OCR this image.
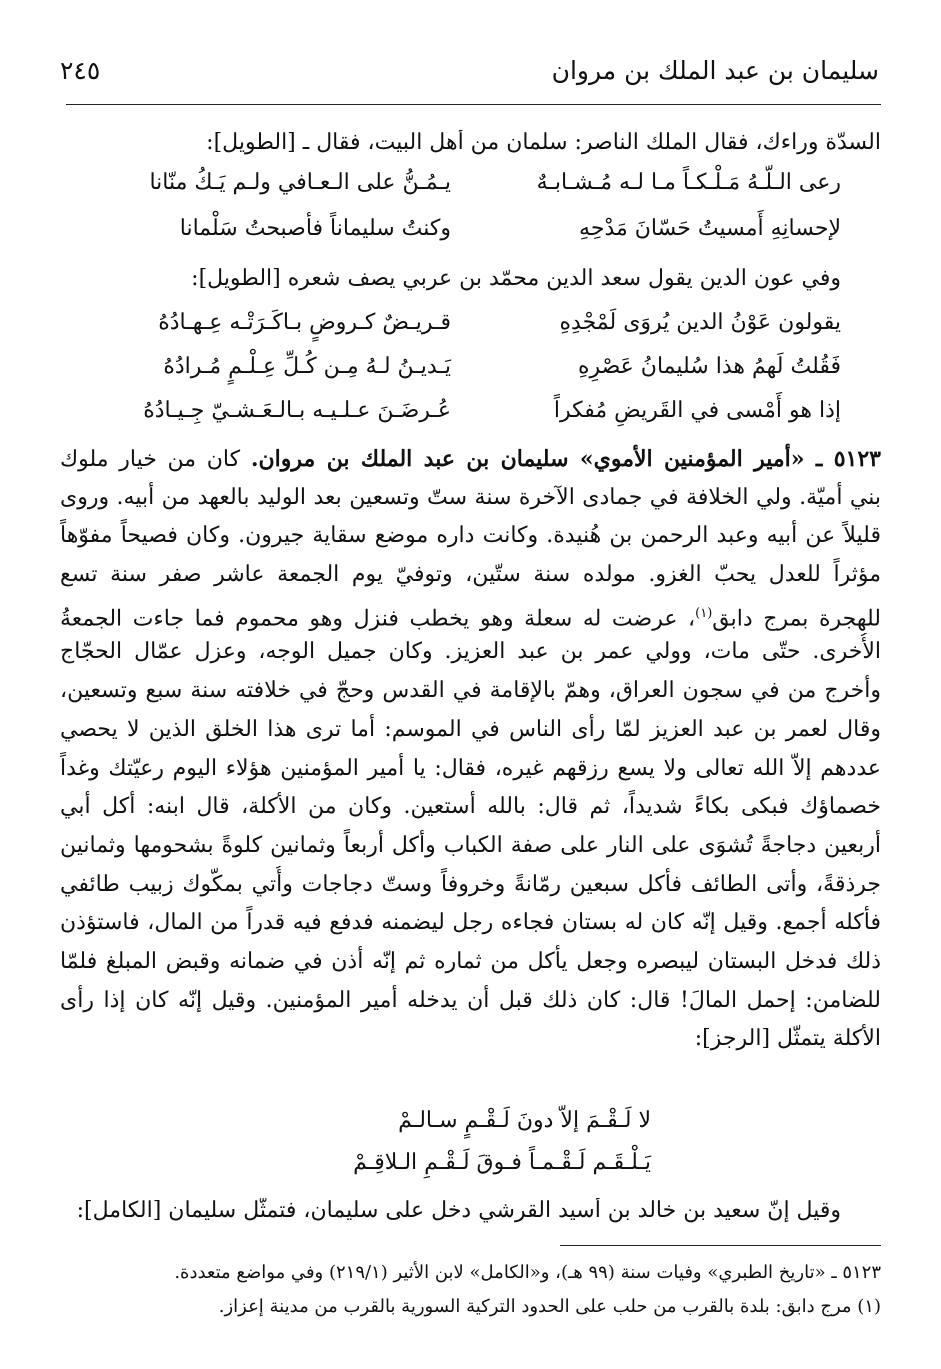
سليمان بن عبد الملك بن مروان
٢٤٥
السدّة وراءك، فقال الملك الناصر: سلمان من أهل البيت، فقال ـ [الطويل]:
رعى الـلّـهُ مَـلْـكـاً مـا لـه مُـشـابـهٌ
يـمُـنُّ على الـعـافي ولـم يَـكُ منّانا
لإحسانِهِ أَمسيتُ حَسّانَ مَدْحِهِ
وكنتُ سليماناً فأصبحتُ سَلْمانا
وفي عون الدين يقول سعد الدين محمّد بن عربي يصف شعره [الطويل]:
يقولون عَوْنُ الدين يُروَى لَمْجْدِهِ
قـريـضٌ كـروضٍ بـاكَـرَتْـه عِـهـادُهُ
فَقُلتُ لَهمُ هذا سُليمانُ عَصْرِهِ
يَـديـنُ لـهُ مِـن كُـلِّ عِـلْـمٍ مُـرادُهُ
إذا هو أَمْسى في القَريضِ مُفكراً
عُـرضَـنَ عـلـيـه بـالـعَـشـيّ جِـيـادُهُ
٥١٢٣ ـ «أمير المؤمنين الأموي» سليمان بن عبد الملك بن مروان. كان من خيار ملوك
بني أميّة. ولي الخلافة في جمادى الآخرة سنة ستّ وتسعين بعد الوليد بالعهد من أبيه. وروى
قليلاً عن أبيه وعبد الرحمن بن هُنيدة. وكانت داره موضع سقاية جيرون. وكان فصيحاً مفوّهاً
مؤثراً للعدل يحبّ الغزو. مولده سنة ستّين، وتوفيّ يوم الجمعة عاشر صفر سنة تسع
للهجرة بمرج دابق$^{(١)}$، عرضت له سعلة وهو يخطب فنزل وهو محموم فما جاءت الجمعةُ
الأُخرى. حتّى مات، وولي عمر بن عبد العزيز. وكان جميل الوجه، وعزل عمّال الحجّاج
وأخرج من في سجون العراق، وهمّ بالإقامة في القدس وحجّ في خلافته سنة سبع وتسعين،
وقال لعمر بن عبد العزيز لمّا رأى الناس في الموسم: أما ترى هذا الخلق الذين لا يحصي
عددهم إلاّ الله تعالى ولا يسع رزقهم غيره، فقال: يا أمير المؤمنين هؤلاء اليوم رعيّتك وغداً
خصماؤك فبكى بكاءً شديداً، ثم قال: بالله أستعين. وكان من الأكلة، قال ابنه: أكل أبي
أربعين دجاجةً تُشوَى على النار على صفة الكباب وأكل أربعاً وثمانين كلوةً بشحومها وثمانين
جرذقةً، وأتى الطائف فأكل سبعين رمّانةً وخروفاً وستّ دجاجات وأُتي بمكّوك زبيب طائفي
فأكله أجمع. وقيل إنّه كان له بستان فجاءه رجل ليضمنه فدفع فيه قدراً من المال، فاستؤذن
ذلك فدخل البستان ليبصره وجعل يأكل من ثماره ثم إنّه أذن في ضمانه وقبض المبلغ فلمّا
للضامن: إحمل المالَ! قال: كان ذلك قبل أن يدخله أمير المؤمنين. وقيل إنّه كان إذا رأى
الأكلة يتمثّل [الرجز]:
لا لَـقْـمَ إلاّ دونَ لَـقْـمٍ سـالـمْ
يَـلْـقَـم لَـقْـمـاً فـوقَ لَـقْـمِ الـلاقِـمْ
وقيل إنّ سعيد بن خالد بن أسيد القرشي دخل على سليمان، فتمثّل سليمان [الكامل]:
٥١٢٣ ـ «تاريخ الطبري» وفيات سنة (٩٩ هـ)، و«الكامل» لابن الأثير (٢١٩/١) وفي مواضع متعددة.
(١) مرج دابق: بلدة بالقرب من حلب على الحدود التركية السورية بالقرب من مدينة إعزاز.
